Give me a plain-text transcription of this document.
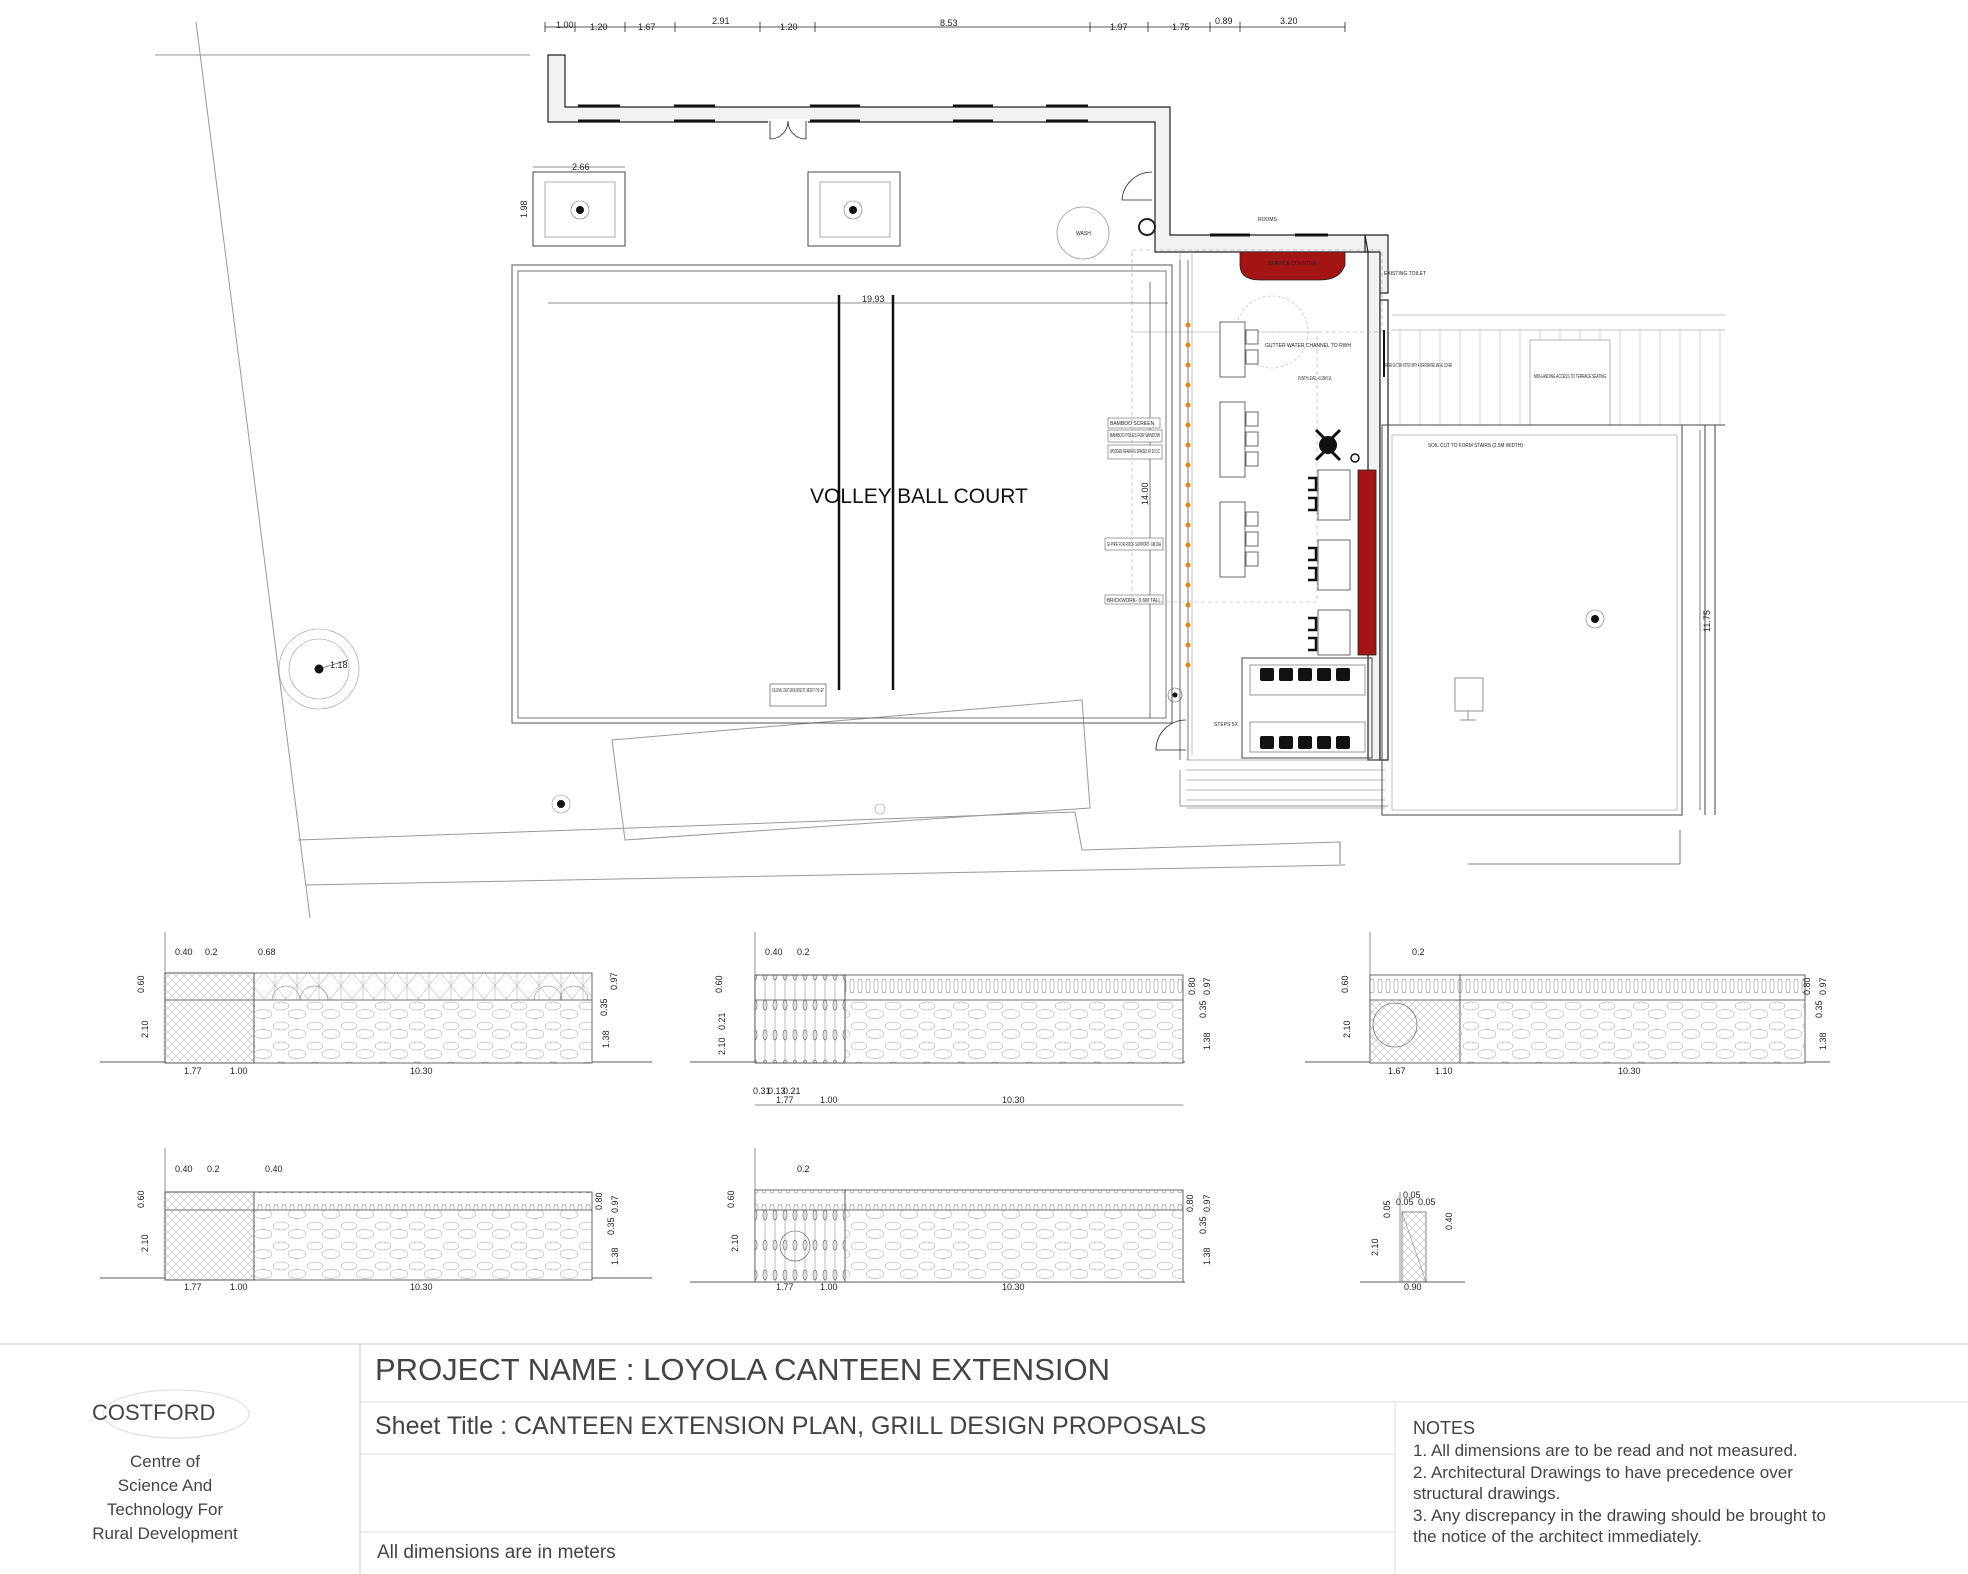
1.00 1.20	1.67
2.91
1.20	8.53	1.97	1.75
0.89	3.20
2.66
1.98
WASH
VOLLEY BALL COURT
19.93
14.00
VOLLEYBALL COURT CAN BE MOVED TO 1 METER TO THE LEFT
BAMBOO SCREEN
BAMBOO POLES FOR WINDOW
WOODEN REAPERS SPACED AT 20 C/C
GI PIPE FOR ROOF SUPPORT- 6M DIA
BRICKWORK- 0.6M TALL
SERVICE COUNTER
ROOMS
EXISTING TOILET
GUTTER WATER CHANNEL TO RWH
PLINTH LEVEL +0.15M LVL
WATER GUTTER FITTED WITH A PERFORATED METAL COVER
STEPS 5X
MID-LANDING ACCESS TO TERRACE SEATING
SOIL CUT TO FORM STAIRS (2.5M WIDTH)
11.75
1.18
0.40 0.2	0.68
1.77	1.00	10.30
0.60
2.10
0.35
0.97
1.38
0.40 0.2
0.31
0.13
0.21
1.77	1.00	10.30
0.60
0.21
2.10
0.80 0.97
0.35
1.38
0.2
1.67	1.10	10.30
0.60
2.10
0.80 0.97
0.35
1.38
0.40 0.2	0.40
1.77	1.00	10.30
0.60
2.10
0.80 0.97
0.35
1.38
0.2
1.77	1.00	10.30
0.60
2.10
0.80 0.97
0.35
1.38
0.05
0.05
0.05
0.90
0.05
2.10
0.40
COSTFORD
Centre of
Science And
Technology For
Rural Development
PROJECT NAME : LOYOLA CANTEEN EXTENSION
Sheet Title : CANTEEN EXTENSION PLAN, GRILL DESIGN PROPOSALS
All dimensions are in meters
NOTES
1. All dimensions are to be read and not measured.
2. Architectural Drawings to have precedence over
structural drawings.
3. Any discrepancy in the drawing should be brought to
the notice of the architect immediately.
